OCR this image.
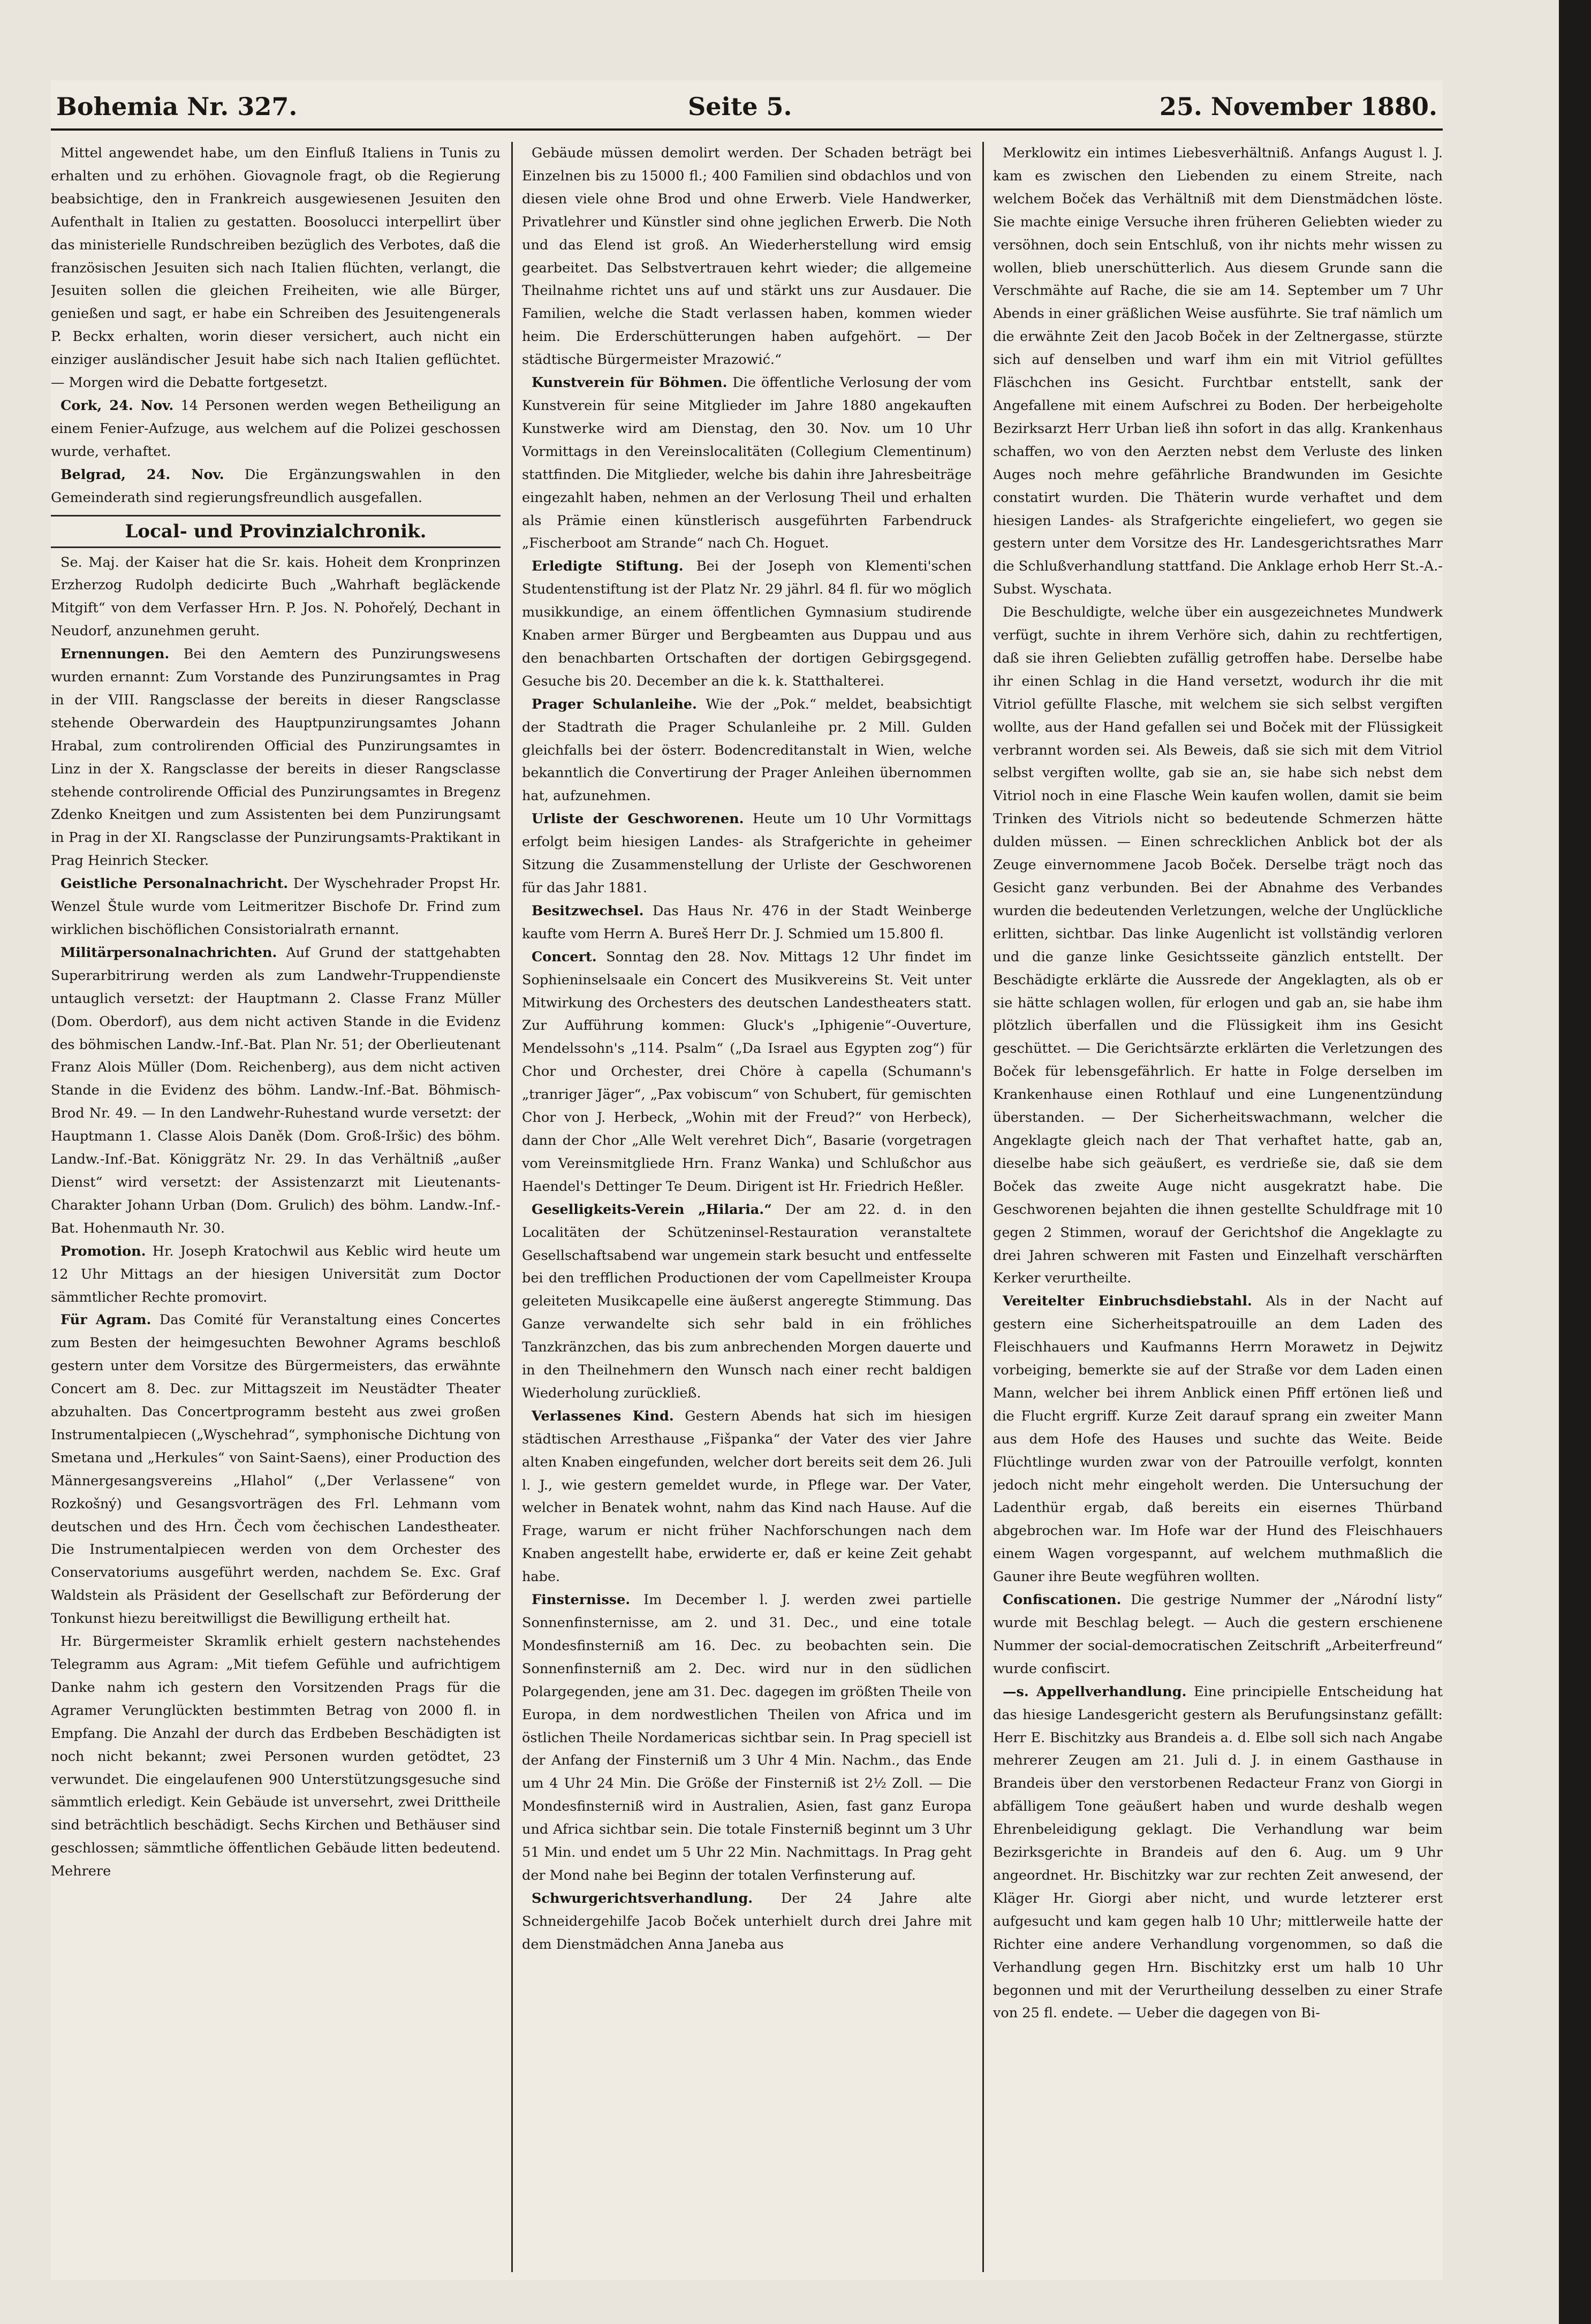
Bohemia Nr. 327.	Seite 5.	25. November 1880.

Mittel angewendet habe, um den Einfluß Italiens in Tunis zu erhalten und zu erhöhen. Giovagnole fragt, ob die Regierung beabsichtige, den in Frankreich ausgewiesenen Jesuiten den Aufenthalt in Italien zu gestatten. Boosolucci interpellirt über das ministerielle Rundschreiben bezüglich des Verbotes, daß die französischen Jesuiten sich nach Italien flüchten, verlangt, die Jesuiten sollen die gleichen Freiheiten, wie alle Bürger, genießen und sagt, er habe ein Schreiben des Jesuitengenerals P. Beckx erhalten, worin dieser versichert, auch nicht ein einziger ausländischer Jesuit habe sich nach Italien geflüchtet. — Morgen wird die Debatte fortgesetzt.

Cork, 24. Nov. 14 Personen werden wegen Betheiligung an einem Fenier-Aufzuge, aus welchem auf die Polizei geschossen wurde, verhaftet.

Belgrad, 24. Nov. Die Ergänzungswahlen in den Gemeinderath sind regierungsfreundlich ausgefallen.

Local- und Provinzialchronik.

Se. Maj. der Kaiser hat die Sr. kais. Hoheit dem Kronprinzen Erzherzog Rudolph dedicirte Buch „Wahrhaft begläckende Mitgift“ von dem Verfasser Hrn. P. Jos. N. Pohořelý, Dechant in Neudorf, anzunehmen geruht.

Ernennungen. Bei den Aemtern des Punzirungswesens wurden ernannt: Zum Vorstande des Punzirungsamtes in Prag in der VIII. Rangsclasse der bereits in dieser Rangsclasse stehende Oberwardein des Hauptpunzirungsamtes Johann Hrabal, zum controlirenden Official des Punzirungsamtes in Linz in der X. Rangsclasse der bereits in dieser Rangsclasse stehende controlirende Official des Punzirungsamtes in Bregenz Zdenko Kneitgen und zum Assistenten bei dem Punzirungsamt in Prag in der XI. Rangsclasse der Punzirungsamts-Praktikant in Prag Heinrich Stecker.

Geistliche Personalnachricht. Der Wyschehrader Propst Hr. Wenzel Štule wurde vom Leitmeritzer Bischofe Dr. Frind zum wirklichen bischöflichen Consistorialrath ernannt.

Militärpersonalnachrichten. Auf Grund der stattgehabten Superarbitrirung werden als zum Landwehr-Truppendienste untauglich versetzt: der Hauptmann 2. Classe Franz Müller (Dom. Oberdorf), aus dem nicht activen Stande in die Evidenz des böhmischen Landw.-Inf.-Bat. Plan Nr. 51; der Oberlieutenant Franz Alois Müller (Dom. Reichenberg), aus dem nicht activen Stande in die Evidenz des böhm. Landw.-Inf.-Bat. Böhmisch-Brod Nr. 49. — In den Landwehr-Ruhestand wurde versetzt: der Hauptmann 1. Classe Alois Daněk (Dom. Groß-Iršic) des böhm. Landw.-Inf.-Bat. Königgrätz Nr. 29. In das Verhältniß „außer Dienst“ wird versetzt: der Assistenzarzt mit Lieutenants-Charakter Johann Urban (Dom. Grulich) des böhm. Landw.-Inf.-Bat. Hohenmauth Nr. 30.

Promotion. Hr. Joseph Kratochwil aus Keblic wird heute um 12 Uhr Mittags an der hiesigen Universität zum Doctor sämmtlicher Rechte promovirt.

Für Agram. Das Comité für Veranstaltung eines Concertes zum Besten der heimgesuchten Bewohner Agrams beschloß gestern unter dem Vorsitze des Bürgermeisters, das erwähnte Concert am 8. Dec. zur Mittagszeit im Neustädter Theater abzuhalten. Das Concertprogramm besteht aus zwei großen Instrumentalpiecen („Wyschehrad“, symphonische Dichtung von Smetana und „Herkules“ von Saint-Saens), einer Production des Männergesangsvereins „Hlahol“ („Der Verlassene“ von Rozkošný) und Gesangsvorträgen des Frl. Lehmann vom deutschen und des Hrn. Čech vom čechischen Landestheater. Die Instrumentalpiecen werden von dem Orchester des Conservatoriums ausgeführt werden, nachdem Se. Exc. Graf Waldstein als Präsident der Gesellschaft zur Beförderung der Tonkunst hiezu bereitwilligst die Bewilligung ertheilt hat.

Hr. Bürgermeister Skramlik erhielt gestern nachstehendes Telegramm aus Agram: „Mit tiefem Gefühle und aufrichtigem Danke nahm ich gestern den Vorsitzenden Prags für die Agramer Verunglückten bestimmten Betrag von 2000 fl. in Empfang. Die Anzahl der durch das Erdbeben Beschädigten ist noch nicht bekannt; zwei Personen wurden getödtet, 23 verwundet. Die eingelaufenen 900 Unterstützungsgesuche sind sämmtlich erledigt. Kein Gebäude ist unversehrt, zwei Drittheile sind beträchtlich beschädigt. Sechs Kirchen und Bethäuser sind geschlossen; sämmtliche öffentlichen Gebäude litten bedeutend. Mehrere

Gebäude müssen demolirt werden. Der Schaden beträgt bei Einzelnen bis zu 15000 fl.; 400 Familien sind obdachlos und von diesen viele ohne Brod und ohne Erwerb. Viele Handwerker, Privatlehrer und Künstler sind ohne jeglichen Erwerb. Die Noth und das Elend ist groß. An Wiederherstellung wird emsig gearbeitet. Das Selbstvertrauen kehrt wieder; die allgemeine Theilnahme richtet uns auf und stärkt uns zur Ausdauer. Die Familien, welche die Stadt verlassen haben, kommen wieder heim. Die Erderschütterungen haben aufgehört. — Der städtische Bürgermeister Mrazowić.“

Kunstverein für Böhmen. Die öffentliche Verlosung der vom Kunstverein für seine Mitglieder im Jahre 1880 angekauften Kunstwerke wird am Dienstag, den 30. Nov. um 10 Uhr Vormittags in den Vereinslocalitäten (Collegium Clementinum) stattfinden. Die Mitglieder, welche bis dahin ihre Jahresbeiträge eingezahlt haben, nehmen an der Verlosung Theil und erhalten als Prämie einen künstlerisch ausgeführten Farbendruck „Fischerboot am Strande“ nach Ch. Hoguet.

Erledigte Stiftung. Bei der Joseph von Klementi'schen Studentenstiftung ist der Platz Nr. 29 jährl. 84 fl. für wo möglich musikkundige, an einem öffentlichen Gymnasium studirende Knaben armer Bürger und Bergbeamten aus Duppau und aus den benachbarten Ortschaften der dortigen Gebirgsgegend. Gesuche bis 20. December an die k. k. Statthalterei.

Prager Schulanleihe. Wie der „Pok.“ meldet, beabsichtigt der Stadtrath die Prager Schulanleihe pr. 2 Mill. Gulden gleichfalls bei der österr. Bodencreditanstalt in Wien, welche bekanntlich die Convertirung der Prager Anleihen übernommen hat, aufzunehmen.

Urliste der Geschworenen. Heute um 10 Uhr Vormittags erfolgt beim hiesigen Landes- als Strafgerichte in geheimer Sitzung die Zusammenstellung der Urliste der Geschworenen für das Jahr 1881.

Besitzwechsel. Das Haus Nr. 476 in der Stadt Weinberge kaufte vom Herrn A. Bureš Herr Dr. J. Schmied um 15.800 fl.

Concert. Sonntag den 28. Nov. Mittags 12 Uhr findet im Sophieninselsaale ein Concert des Musikvereins St. Veit unter Mitwirkung des Orchesters des deutschen Landestheaters statt. Zur Aufführung kommen: Gluck's „Iphigenie“-Ouverture, Mendelssohn's „114. Psalm“ („Da Israel aus Egypten zog“) für Chor und Orchester, drei Chöre à capella (Schumann's „tranriger Jäger“, „Pax vobiscum“ von Schubert, für gemischten Chor von J. Herbeck, „Wohin mit der Freud?“ von Herbeck), dann der Chor „Alle Welt verehret Dich“, Basarie (vorgetragen vom Vereinsmitgliede Hrn. Franz Wanka) und Schlußchor aus Haendel's Dettinger Te Deum. Dirigent ist Hr. Friedrich Heßler.

Geselligkeits-Verein „Hilaria.“ Der am 22. d. in den Localitäten der Schützeninsel-Restauration veranstaltete Gesellschaftsabend war ungemein stark besucht und entfesselte bei den trefflichen Productionen der vom Capellmeister Kroupa geleiteten Musikcapelle eine äußerst angeregte Stimmung. Das Ganze verwandelte sich sehr bald in ein fröhliches Tanzkränzchen, das bis zum anbrechenden Morgen dauerte und in den Theilnehmern den Wunsch nach einer recht baldigen Wiederholung zurückließ.

Verlassenes Kind. Gestern Abends hat sich im hiesigen städtischen Arresthause „Fišpanka“ der Vater des vier Jahre alten Knaben eingefunden, welcher dort bereits seit dem 26. Juli l. J., wie gestern gemeldet wurde, in Pflege war. Der Vater, welcher in Benatek wohnt, nahm das Kind nach Hause. Auf die Frage, warum er nicht früher Nachforschungen nach dem Knaben angestellt habe, erwiderte er, daß er keine Zeit gehabt habe.

Finsternisse. Im December l. J. werden zwei partielle Sonnenfinsternisse, am 2. und 31. Dec., und eine totale Mondesfinsterniß am 16. Dec. zu beobachten sein. Die Sonnenfinsterniß am 2. Dec. wird nur in den südlichen Polargegenden, jene am 31. Dec. dagegen im größten Theile von Europa, in dem nordwestlichen Theilen von Africa und im östlichen Theile Nordamericas sichtbar sein. In Prag speciell ist der Anfang der Finsterniß um 3 Uhr 4 Min. Nachm., das Ende um 4 Uhr 24 Min. Die Größe der Finsterniß ist 2½ Zoll. — Die Mondesfinsterniß wird in Australien, Asien, fast ganz Europa und Africa sichtbar sein. Die totale Finsterniß beginnt um 3 Uhr 51 Min. und endet um 5 Uhr 22 Min. Nachmittags. In Prag geht der Mond nahe bei Beginn der totalen Verfinsterung auf.

Schwurgerichtsverhandlung. Der 24 Jahre alte Schneidergehilfe Jacob Boček unterhielt durch drei Jahre mit dem Dienstmädchen Anna Janeba aus

Merklowitz ein intimes Liebesverhältniß. Anfangs August l. J. kam es zwischen den Liebenden zu einem Streite, nach welchem Boček das Verhältniß mit dem Dienstmädchen löste. Sie machte einige Versuche ihren früheren Geliebten wieder zu versöhnen, doch sein Entschluß, von ihr nichts mehr wissen zu wollen, blieb unerschütterlich. Aus diesem Grunde sann die Verschmähte auf Rache, die sie am 14. September um 7 Uhr Abends in einer gräßlichen Weise ausführte. Sie traf nämlich um die erwähnte Zeit den Jacob Boček in der Zeltnergasse, stürzte sich auf denselben und warf ihm ein mit Vitriol gefülltes Fläschchen ins Gesicht. Furchtbar entstellt, sank der Angefallene mit einem Aufschrei zu Boden. Der herbeigeholte Bezirksarzt Herr Urban ließ ihn sofort in das allg. Krankenhaus schaffen, wo von den Aerzten nebst dem Verluste des linken Auges noch mehre gefährliche Brandwunden im Gesichte constatirt wurden. Die Thäterin wurde verhaftet und dem hiesigen Landes- als Strafgerichte eingeliefert, wo gegen sie gestern unter dem Vorsitze des Hr. Landesgerichtsrathes Marr die Schlußverhandlung stattfand. Die Anklage erhob Herr St.-A.-Subst. Wyschata.

Die Beschuldigte, welche über ein ausgezeichnetes Mundwerk verfügt, suchte in ihrem Verhöre sich, dahin zu rechtfertigen, daß sie ihren Geliebten zufällig getroffen habe. Derselbe habe ihr einen Schlag in die Hand versetzt, wodurch ihr die mit Vitriol gefüllte Flasche, mit welchem sie sich selbst vergiften wollte, aus der Hand gefallen sei und Boček mit der Flüssigkeit verbrannt worden sei. Als Beweis, daß sie sich mit dem Vitriol selbst vergiften wollte, gab sie an, sie habe sich nebst dem Vitriol noch in eine Flasche Wein kaufen wollen, damit sie beim Trinken des Vitriols nicht so bedeutende Schmerzen hätte dulden müssen. — Einen schrecklichen Anblick bot der als Zeuge einvernommene Jacob Boček. Derselbe trägt noch das Gesicht ganz verbunden. Bei der Abnahme des Verbandes wurden die bedeutenden Verletzungen, welche der Unglückliche erlitten, sichtbar. Das linke Augenlicht ist vollständig verloren und die ganze linke Gesichtsseite gänzlich entstellt. Der Beschädigte erklärte die Aussrede der Angeklagten, als ob er sie hätte schlagen wollen, für erlogen und gab an, sie habe ihm plötzlich überfallen und die Flüssigkeit ihm ins Gesicht geschüttet. — Die Gerichtsärzte erklärten die Verletzungen des Boček für lebensgefährlich. Er hatte in Folge derselben im Krankenhause einen Rothlauf und eine Lungenentzündung überstanden. — Der Sicherheitswachmann, welcher die Angeklagte gleich nach der That verhaftet hatte, gab an, dieselbe habe sich geäußert, es verdrieße sie, daß sie dem Boček das zweite Auge nicht ausgekratzt habe. Die Geschworenen bejahten die ihnen gestellte Schuldfrage mit 10 gegen 2 Stimmen, worauf der Gerichtshof die Angeklagte zu drei Jahren schweren mit Fasten und Einzelhaft verschärften Kerker verurtheilte.

Vereitelter Einbruchsdiebstahl. Als in der Nacht auf gestern eine Sicherheitspatrouille an dem Laden des Fleischhauers und Kaufmanns Herrn Morawetz in Dejwitz vorbeiging, bemerkte sie auf der Straße vor dem Laden einen Mann, welcher bei ihrem Anblick einen Pfiff ertönen ließ und die Flucht ergriff. Kurze Zeit darauf sprang ein zweiter Mann aus dem Hofe des Hauses und suchte das Weite. Beide Flüchtlinge wurden zwar von der Patrouille verfolgt, konnten jedoch nicht mehr eingeholt werden. Die Untersuchung der Ladenthür ergab, daß bereits ein eisernes Thürband abgebrochen war. Im Hofe war der Hund des Fleischhauers einem Wagen vorgespannt, auf welchem muthmaßlich die Gauner ihre Beute wegführen wollten.

Confiscationen. Die gestrige Nummer der „Národní listy“ wurde mit Beschlag belegt. — Auch die gestern erschienene Nummer der social-democratischen Zeitschrift „Arbeiterfreund“ wurde confiscirt.

—s. Appellverhandlung. Eine principielle Entscheidung hat das hiesige Landesgericht gestern als Berufungsinstanz gefällt: Herr E. Bischitzky aus Brandeis a. d. Elbe soll sich nach Angabe mehrerer Zeugen am 21. Juli d. J. in einem Gasthause in Brandeis über den verstorbenen Redacteur Franz von Giorgi in abfälligem Tone geäußert haben und wurde deshalb wegen Ehrenbeleidigung geklagt. Die Verhandlung war beim Bezirksgerichte in Brandeis auf den 6. Aug. um 9 Uhr angeordnet. Hr. Bischitzky war zur rechten Zeit anwesend, der Kläger Hr. Giorgi aber nicht, und wurde letzterer erst aufgesucht und kam gegen halb 10 Uhr; mittlerweile hatte der Richter eine andere Verhandlung vorgenommen, so daß die Verhandlung gegen Hrn. Bischitzky erst um halb 10 Uhr begonnen und mit der Verurtheilung desselben zu einer Strafe von 25 fl. endete. — Ueber die dagegen von Bi-
